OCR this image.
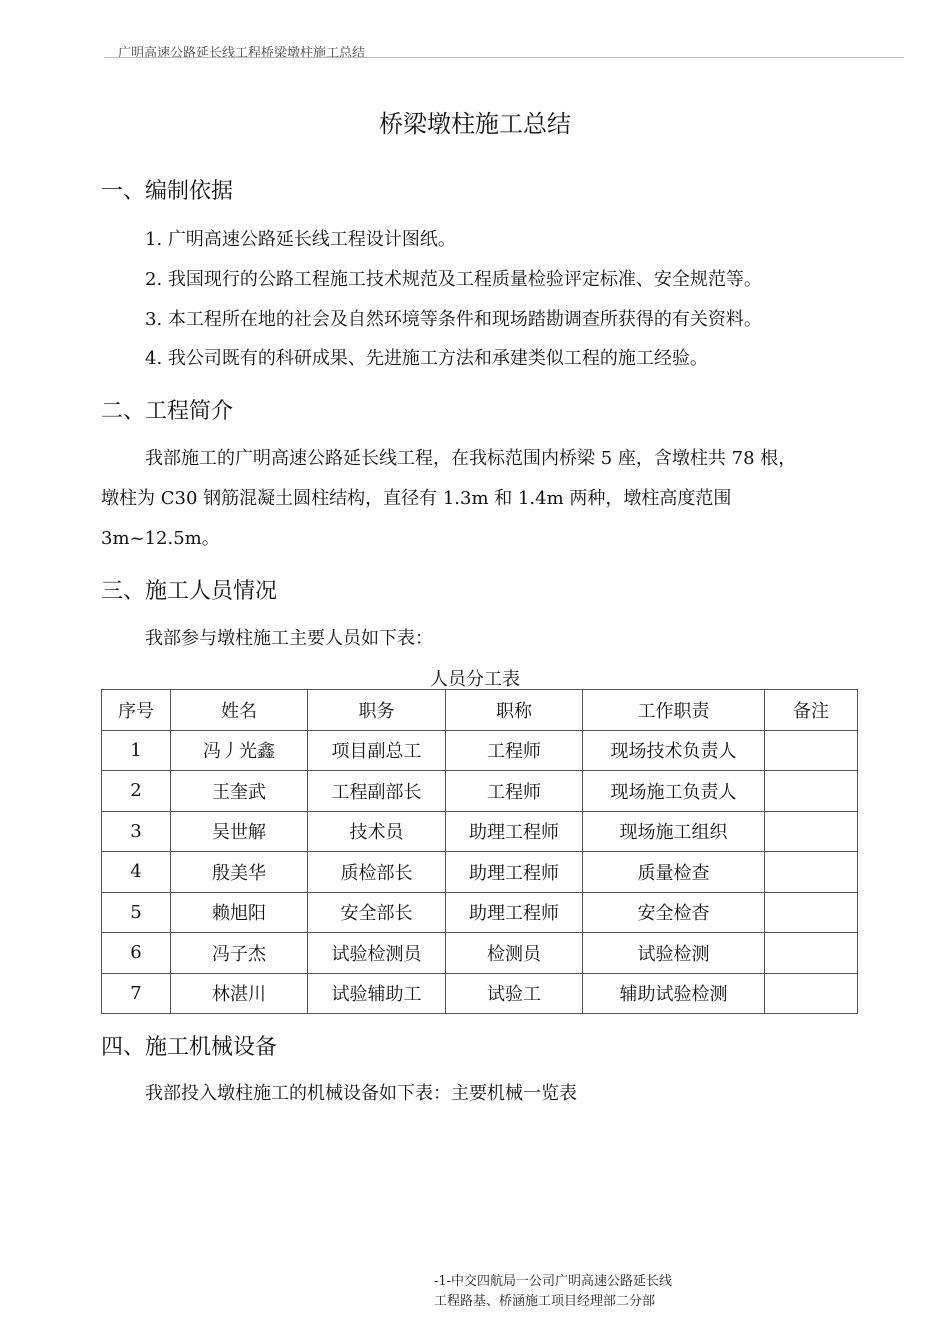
广明高速公路延长线工程桥梁墩柱施工总结
桥梁墩柱施工总结
一、编制依据
1. 广明高速公路延长线工程设计图纸。
2. 我国现行的公路工程施工技术规范及工程质量检验评定标准、安全规范等。
3. 本工程所在地的社会及自然环境等条件和现场踏勘调查所获得的有关资料。
4. 我公司既有的科研成果、先进施工方法和承建类似工程的施工经验。
二、工程简介
我部施工的广明高速公路延长线工程，在我标范围内桥梁 5 座，含墩柱共 78 根，
墩柱为 C30 钢筋混凝土圆柱结构，直径有 1.3m 和 1.4m 两种，墩柱高度范围
3m~12.5m。
三、施工人员情况
我部参与墩柱施工主要人员如下表：
人员分工表
序号	姓名	职务	职称	工作职责	备注
1	冯丿光鑫	项目副总工	工程师	现场技术负责人	
2	王奎武	工程副部长	工程师	现场施工负责人	
3	吴世解	技术员	助理工程师	现场施工组织	
4	殷美华	质检部长	助理工程师	质量检查	
5	赖旭阳	安全部长	助理工程师	安全检杳	
6	冯子杰	试验检测员	检测员	试验检测	
7	林湛川	试验辅助工	试验工	辅助试验检测	
四、施工机械设备
我部投入墩柱施工的机械设备如下表：主要机械一览表
-1-中交四航局一公司广明高速公路延长线
工程路基、桥涵施工项目经理部二分部
